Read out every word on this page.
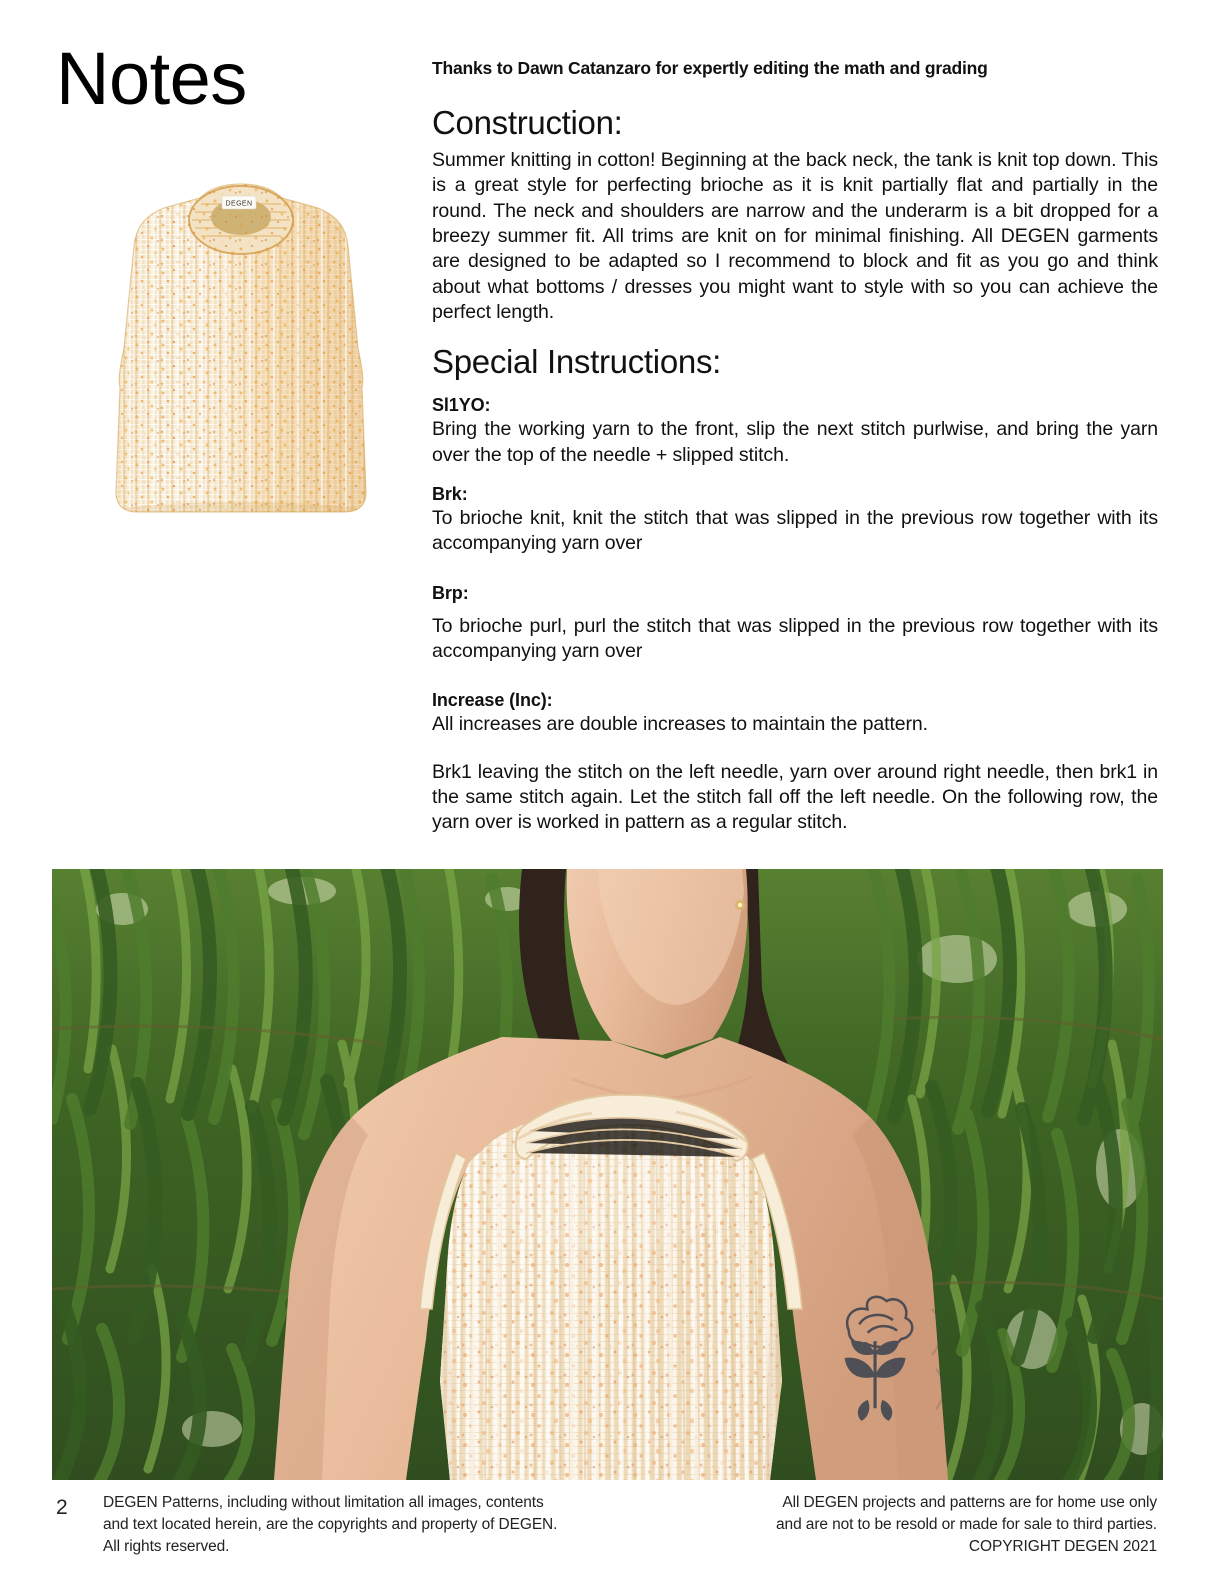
Notes
DEGEN
Thanks to Dawn Catanzaro for expertly editing the math and grading
Construction:

Summer knitting in cotton! Beginning at the back neck, the tank is knit top down. This is a great style for perfecting brioche as it is knit partially flat and partially in the round. The neck and shoulders are narrow and the underarm is a bit dropped for a breezy summer fit. All trims are knit on for minimal finishing. All DEGEN garments are designed to be adapted so I recommend to block and fit as you go and think about what bottoms / dresses you might want to style with so you can achieve the perfect length.

Special Instructions:
Sl1YO:

Bring the working yarn to the front, slip the next stitch purlwise, and bring the yarn over the top of the needle + slipped stitch.

Brk:

To brioche knit, knit the stitch that was slipped in the previous row together with its accompanying yarn over

Brp:

To brioche purl, purl the stitch that was slipped in the previous row together with its accompanying yarn over

Increase (Inc):

All increases are double increases to maintain the pattern.

Brk1 leaving the stitch on the left needle, yarn over around right needle, then brk1 in the same stitch again. Let the stitch fall off the left needle. On the following row, the yarn over is worked in pattern as a regular stitch.

2 DEGEN Patterns, including without limitation all images, contents and text located herein, are the copyrights and property of DEGEN. All rights reserved.
All DEGEN projects and patterns are for home use only
and are not to be resold or made for sale to third parties.
COPYRIGHT DEGEN 2021
